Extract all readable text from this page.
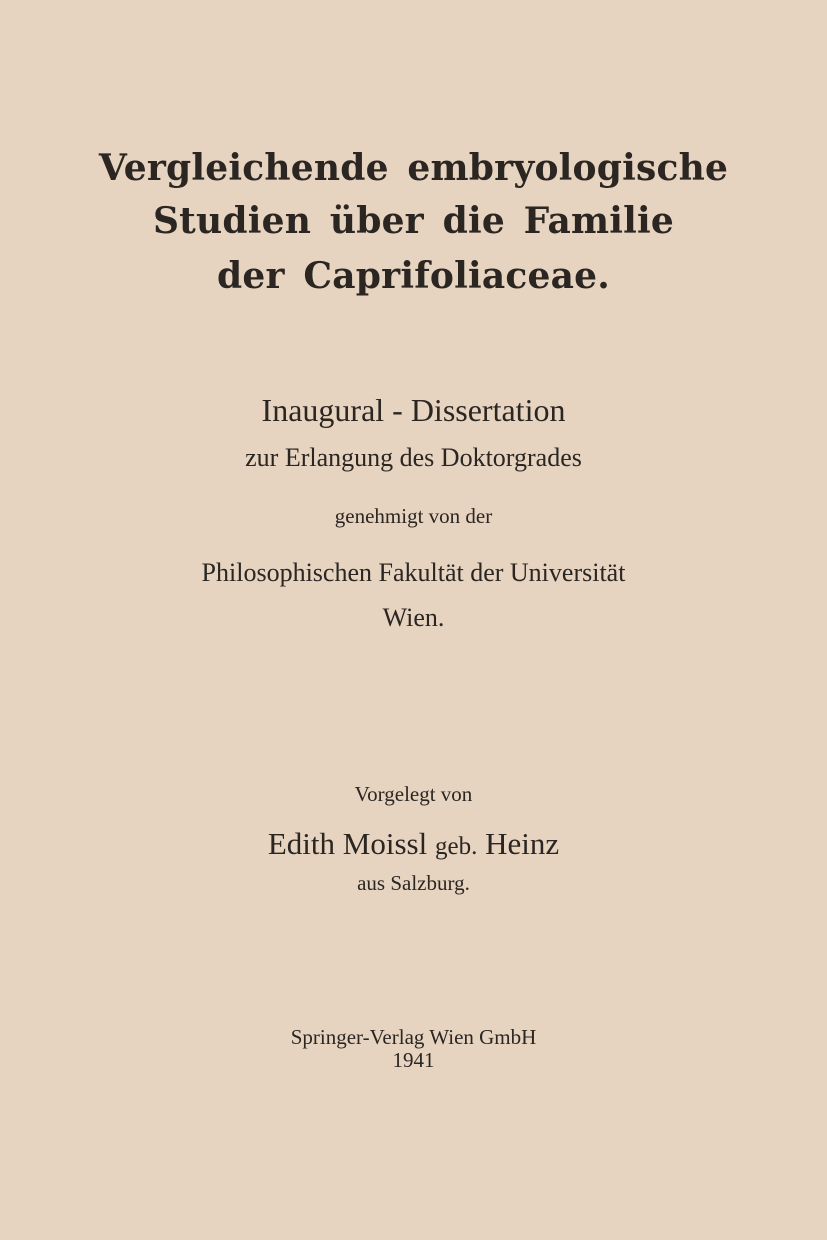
Vergleichende embryologische
Studien über die Familie
der Caprifoliaceae.
Inaugural - Dissertation
zur Erlangung des Doktorgrades
genehmigt von der
Philosophischen Fakultät der Universität
Wien.
Vorgelegt von
Edith Moissl geb. Heinz
aus Salzburg.
Springer-Verlag Wien GmbH
1941
